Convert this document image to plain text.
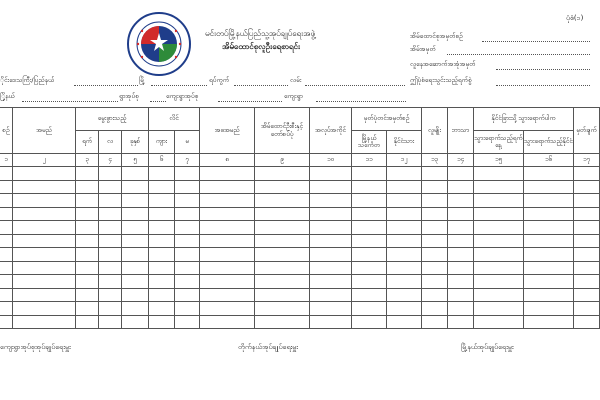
ပုံစံ(၁)
မင်းတပ်မြို့နယ်ပြည်သူ့အုပ်ချုပ်ရေးအဖွဲ့
အိမ်ထောင်စုလူဦးရေစာရင်း
အိမ်ထောင်စုအမှတ်စဉ်
အိမ်အမှတ်
လူနေအဆောက်အအုံအမှတ်
ဤပုံစံရေးသွင်းသည့်ရက်စွဲ
ိုင်းဒေသကြီး/ပြည်နယ်	မြို့	ရပ်ကွက်	လမ်း
ြို့နယ်	ရွာအုပ်စု	ကျေးရွာအုပ်စု	ကျေးရွာ
စဉ်	အမည်	မွေးဖွားသည့်			လိင်		အဖအမည်	အိမ်ထောင်ဦးစီးနှင့်တော်စပ်ပုံ	အလုပ်အကိုင်	မှတ်ပုံတင်အမှတ်စဉ်		လူမျိုး	ဘာသာ	နိုင်ငံခြားသို့ သွားရောက်ပါက		မှတ်ချက်
		ရက်	လ	ခုနှစ်	ကျား	မ				မြို့နယ်သင်္ကေတ	နိုင်ငံသား			သွားရောက်သည့်ရက်နေ့	သွားရောက်သည့်နိုင်ငံ	
၁	၂	၃	၄	၅	၆	၇	၈	၉	၁၀	၁၁	၁၂	၁၃	၁၄	၁၅	၁၆	၁၇

ကျေးရွာအုပ်စုအုပ်ချုပ်ရေးမှူး	တိုက်နယ်အုပ်ချုပ်ရေးမှူး	မြို့နယ်အုပ်ချုပ်ရေးမှူး
